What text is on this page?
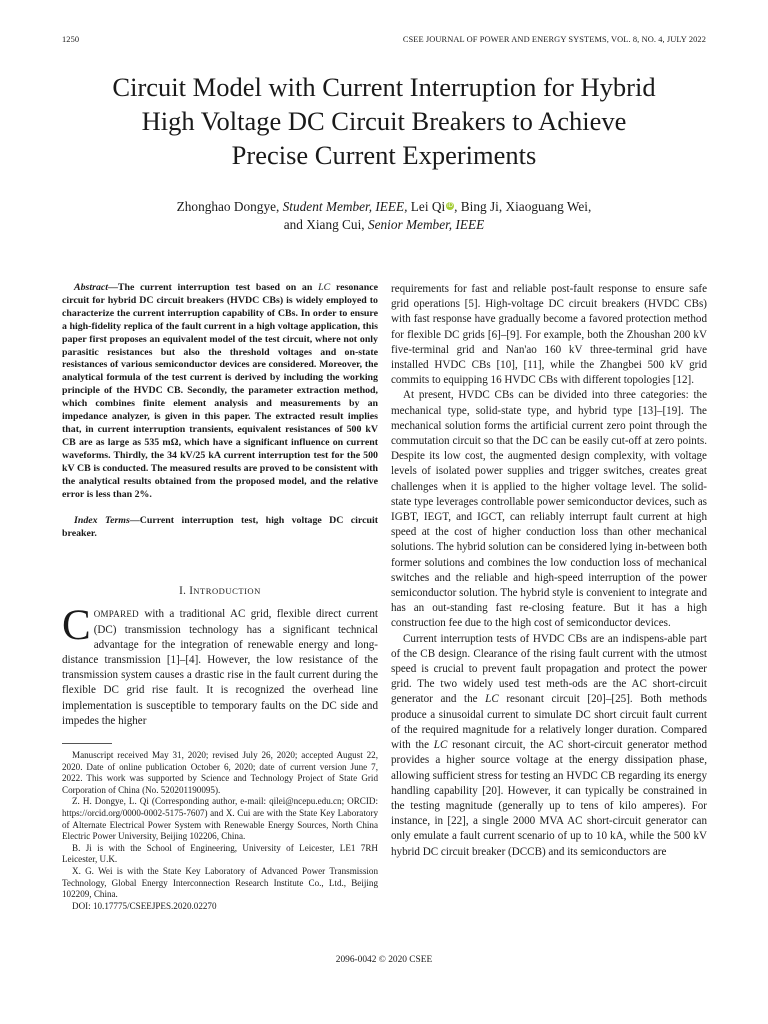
1250	CSEE JOURNAL OF POWER AND ENERGY SYSTEMS, VOL. 8, NO. 4, JULY 2022
Circuit Model with Current Interruption for Hybrid
High Voltage DC Circuit Breakers to Achieve
Precise Current Experiments
Zhonghao Dongye, Student Member, IEEE, Lei Qi iD, Bing Ji, Xiaoguang Wei,
and Xiang Cui, Senior Member, IEEE

Abstract—The current interruption test based on an LC resonance circuit for hybrid DC circuit breakers (HVDC CBs) is widely employed to characterize the current interruption capability of CBs. In order to ensure a high-fidelity replica of the fault current in a high voltage application, this paper first proposes an equivalent model of the test circuit, where not only parasitic resistances but also the threshold voltages and on-state resistances of various semiconductor devices are considered. Moreover, the analytical formula of the test current is derived by including the working principle of the HVDC CB. Secondly, the parameter extraction method, which combines finite element analysis and measurements by an impedance analyzer, is given in this paper. The extracted result implies that, in current interruption transients, equivalent resistances of 500 kV CB are as large as 535 mΩ, which have a significant influence on current waveforms. Thirdly, the 34 kV/25 kA current interruption test for the 500 kV CB is conducted. The measured results are proved to be consistent with the analytical results obtained from the proposed model, and the relative error is less than 2%.

Index Terms—Current interruption test, high voltage DC circuit breaker.

I. INTRODUCTION

COMPARED with a traditional AC grid, flexible direct current (DC) transmission technology has a significant technical advantage for the integration of renewable energy and long-distance transmission [1]–[4]. However, the low resistance of the transmission system causes a drastic rise in the fault current during the flexible DC grid rise fault. It is recognized the overhead line implementation is susceptible to temporary faults on the DC side and impedes the higher

Manuscript received May 31, 2020; revised July 26, 2020; accepted August 22, 2020. Date of online publication October 6, 2020; date of current version June 7, 2022. This work was supported by Science and Technology Project of State Grid Corporation of China (No. 520201190095).

Z. H. Dongye, L. Qi (Corresponding author, e-mail: qilei@ncepu.edu.cn; ORCID: https://orcid.org/0000-0002-5175-7607) and X. Cui are with the State Key Laboratory of Alternate Electrical Power System with Renewable Energy Sources, North China Electric Power University, Beijing 102206, China.

B. Ji is with the School of Engineering, University of Leicester, LE1 7RH Leicester, U.K.

X. G. Wei is with the State Key Laboratory of Advanced Power Transmission Technology, Global Energy Interconnection Research Institute Co., Ltd., Beijing 102209, China.

DOI: 10.17775/CSEEJPES.2020.02270

requirements for fast and reliable post-fault response to ensure safe grid operations [5]. High-voltage DC circuit breakers (HVDC CBs) with fast response have gradually become a favored protection method for flexible DC grids [6]–[9]. For example, both the Zhoushan 200 kV five-terminal grid and Nan'ao 160 kV three-terminal grid have installed HVDC CBs [10], [11], while the Zhangbei 500 kV grid commits to equipping 16 HVDC CBs with different topologies [12].

At present, HVDC CBs can be divided into three categories: the mechanical type, solid-state type, and hybrid type [13]–[19]. The mechanical solution forms the artificial current zero point through the commutation circuit so that the DC can be easily cut-off at zero points. Despite its low cost, the augmented design complexity, with voltage levels of isolated power supplies and trigger switches, creates great challenges when it is applied to the higher voltage level. The solid-state type leverages controllable power semiconductor devices, such as IGBT, IEGT, and IGCT, can reliably interrupt fault current at high speed at the cost of higher conduction loss than other mechanical solutions. The hybrid solution can be considered lying in-between both former solutions and combines the low conduction loss of mechanical switches and the reliable and high-speed interruption of the power semiconductor solution. The hybrid style is convenient to integrate and has an out-standing fast re-closing feature. But it has a high construction fee due to the high cost of semiconductor devices.

Current interruption tests of HVDC CBs are an indispens-able part of the CB design. Clearance of the rising fault current with the utmost speed is crucial to prevent fault propagation and protect the power grid. The two widely used test meth-ods are the AC short-circuit generator and the LC resonant circuit [20]–[25]. Both methods produce a sinusoidal current to simulate DC short circuit fault current of the required magnitude for a relatively longer duration. Compared with the LC resonant circuit, the AC short-circuit generator method provides a higher source voltage at the energy dissipation phase, allowing sufficient stress for testing an HVDC CB regarding its energy handling capability [20]. However, it can typically be constrained in the testing magnitude (generally up to tens of kilo amperes). For instance, in [22], a single 2000 MVA AC short-circuit generator can only emulate a fault current scenario of up to 10 kA, while the 500 kV hybrid DC circuit breaker (DCCB) and its semiconductors are

2096-0042 © 2020 CSEE
